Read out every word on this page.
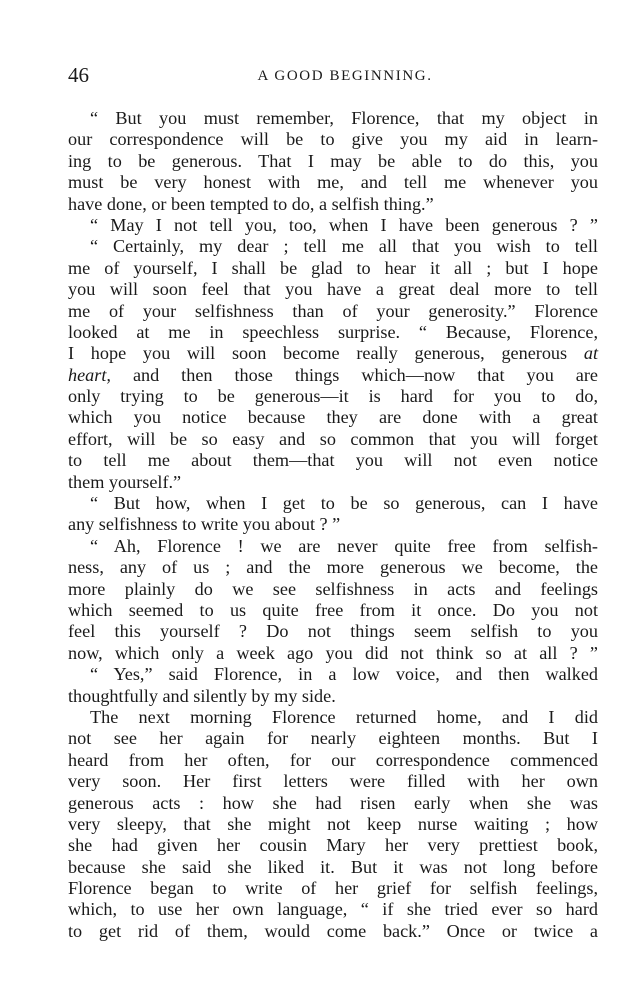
46	A GOOD BEGINNING.
“ But you must remember, Florence, that my object in
our correspondence will be to give you my aid in learn-
ing to be generous. That I may be able to do this, you
must be very honest with me, and tell me whenever you
have done, or been tempted to do, a selfish thing.”
“ May I not tell you, too, when I have been generous ? ”
“ Certainly, my dear ; tell me all that you wish to tell
me of yourself, I shall be glad to hear it all ; but I hope
you will soon feel that you have a great deal more to tell
me of your selfishness than of your generosity.” Florence
looked at me in speechless surprise. “ Because, Florence,
I hope you will soon become really generous, generous at
heart, and then those things which—now that you are
only trying to be generous—it is hard for you to do,
which you notice because they are done with a great
effort, will be so easy and so common that you will forget
to tell me about them—that you will not even notice
them yourself.”
“ But how, when I get to be so generous, can I have
any selfishness to write you about ? ”
“ Ah, Florence ! we are never quite free from selfish-
ness, any of us ; and the more generous we become, the
more plainly do we see selfishness in acts and feelings
which seemed to us quite free from it once. Do you not
feel this yourself ? Do not things seem selfish to you
now, which only a week ago you did not think so at all ? ”
“ Yes,” said Florence, in a low voice, and then walked
thoughtfully and silently by my side.
The next morning Florence returned home, and I did
not see her again for nearly eighteen months. But I
heard from her often, for our correspondence commenced
very soon. Her first letters were filled with her own
generous acts : how she had risen early when she was
very sleepy, that she might not keep nurse waiting ; how
she had given her cousin Mary her very prettiest book,
because she said she liked it. But it was not long before
Florence began to write of her grief for selfish feelings,
which, to use her own language, “ if she tried ever so hard
to get rid of them, would come back.” Once or twice a
